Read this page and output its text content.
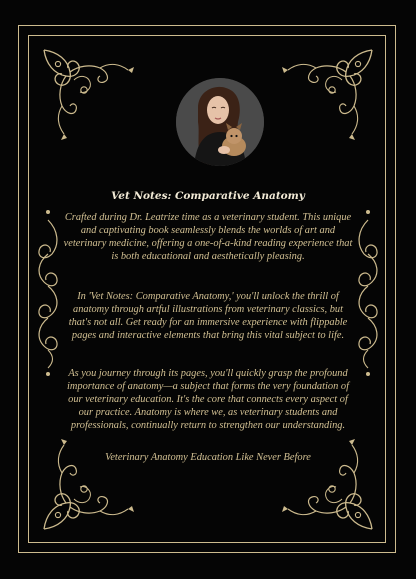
Vet Notes: Comparative Anatomy

Crafted during Dr. Leatrize time as a veterinary student. This unique and captivating book seamlessly blends the worlds of art and veterinary medicine, offering a one-of-a-kind reading experience that is both educational and aesthetically pleasing.

In 'Vet Notes: Comparative Anatomy,' you'll unlock the thrill of anatomy through artful illustrations from veterinary classics, but that's not all. Get ready for an immersive experience with flippable pages and interactive elements that bring this vital subject to life.

As you journey through its pages, you'll quickly grasp the profound importance of anatomy—a subject that forms the very foundation of our veterinary education. It's the core that connects every aspect of our practice. Anatomy is where we, as veterinary students and professionals, continually return to strengthen our understanding.

Veterinary Anatomy Education Like Never Before
